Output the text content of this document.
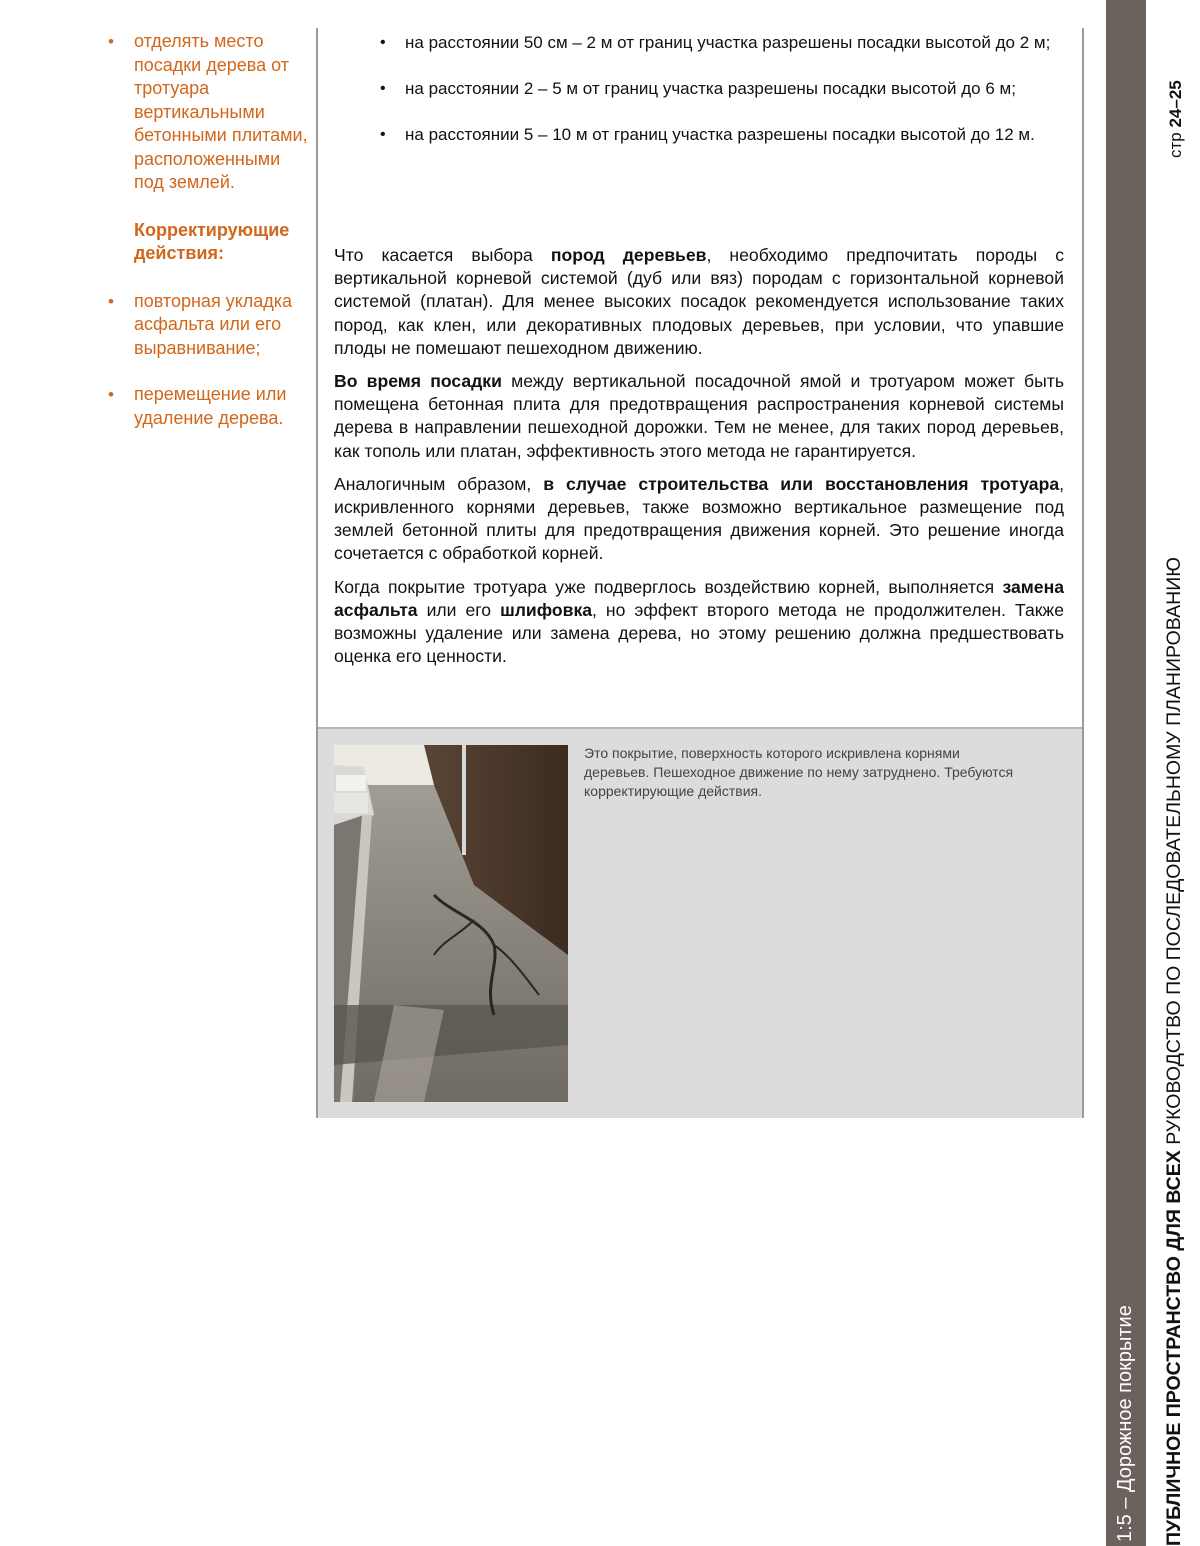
• отделять место посадки дерева от тротуара вертикальными бетонными плитами, расположенными под землей.
Корректирующие действия:
• повторная укладка асфальта или его выравнивание;
• перемещение или удаление дерева.
• на расстоянии 50 см – 2 м от границ участка разрешены посадки высотой до 2 м;
• на расстоянии 2 – 5 м от границ участка разрешены посадки высотой до 6 м;
• на расстоянии 5 – 10 м от границ участка разрешены посадки высотой до 12 м.

Что касается выбора пород деревьев, необходимо предпочитать породы с вертикальной корневой системой (дуб или вяз) породам с горизонтальной корневой системой (платан). Для менее высоких посадок рекомендуется использование таких пород, как клен, или декоративных плодовых деревьев, при условии, что упавшие плоды не помешают пешеходном движению.

Во время посадки между вертикальной посадочной ямой и тротуаром может быть помещена бетонная плита для предотвращения распространения корневой системы дерева в направлении пешеходной дорожки. Тем не менее, для таких пород деревьев, как тополь или платан, эффективность этого метода не гарантируется.

Аналогичным образом, в случае строительства или восстановления тротуара, искривленного корнями деревьев, также возможно вертикальное размещение под землей бетонной плиты для предотвращения движения корней. Это решение иногда сочетается с обработкой корней.

Когда покрытие тротуара уже подверглось воздействию корней, выполняется замена асфальта или его шлифовка, но эффект второго метода не продолжителен. Также возможны удаление или замена дерева, но этому решению должна предшествовать оценка его ценности.

Это покрытие, поверхность которого искривлена корнями деревьев. Пешеходное движение по нему затруднено. Требуются корректирующие действия.
1:5 – Дорожное покрытие ПУБЛИЧНОЕ ПРОСТРАНСТВО ДЛЯ ВСЕХ РУКОВОДСТВО ПО ПОСЛЕДОВАТЕЛЬНОМУ ПЛАНИРОВАНИЮ
стр 24–25
